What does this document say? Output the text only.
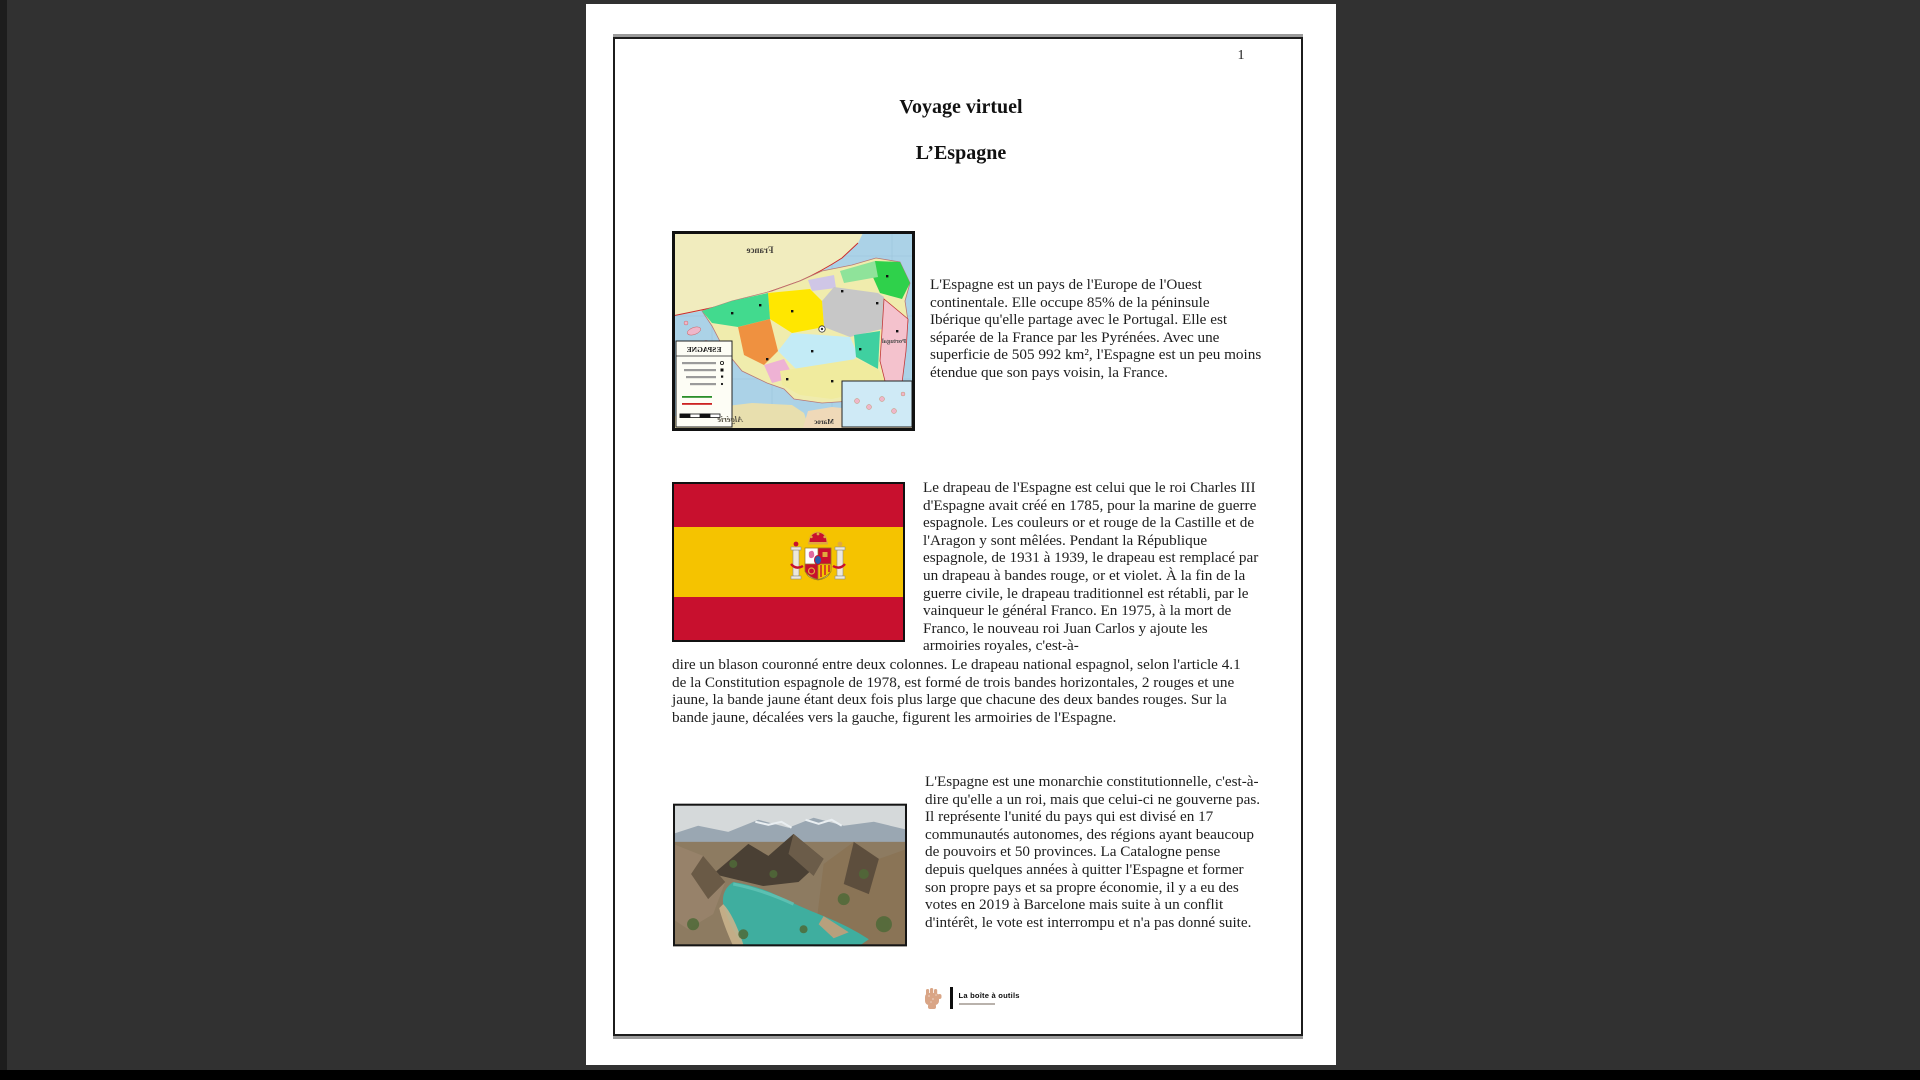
1
Voyage virtuel
L’Espagne
ESPAGNE
France
Portugal
Algérie	Maroc
L'Espagne est un pays de l'Europe de l'Ouest continentale. Elle occupe 85% de la péninsule Ibérique qu'elle partage avec le Portugal. Elle est séparée de la France par les Pyrénées. Avec une superficie de 505 992 km², l'Espagne est un peu moins étendue que son pays voisin, la France.
Le drapeau de l'Espagne est celui que le roi Charles III d'Espagne avait créé en 1785, pour la marine de guerre espagnole. Les couleurs or et rouge de la Castille et de l'Aragon y sont mêlées. Pendant la République espagnole, de 1931 à 1939, le drapeau est remplacé par un drapeau à bandes rouge, or et violet. À la fin de la guerre civile, le drapeau traditionnel est rétabli, par le vainqueur le général Franco. En 1975, à la mort de Franco, le nouveau roi Juan Carlos y ajoute les armoiries royales, c'est-à-
dire un blason couronné entre deux colonnes. Le drapeau national espagnol, selon l'article 4.1 de la Constitution espagnole de 1978, est formé de trois bandes horizontales, 2 rouges et une jaune, la bande jaune étant deux fois plus large que chacune des deux bandes rouges. Sur la bande jaune, décalées vers la gauche, figurent les armoiries de l'Espagne.
L'Espagne est une monarchie constitutionnelle, c'est-à-dire qu'elle a un roi, mais que celui-ci ne gouverne pas. Il représente l'unité du pays qui est divisé en 17 communautés autonomes, des régions ayant beaucoup de pouvoirs et 50 provinces. La Catalogne pense depuis quelques années à quitter l'Espagne et former son propre pays et sa propre économie, il y a eu des votes en 2019 à Barcelone mais suite à un conflit d'intérêt, le vote est interrompu et n'a pas donné suite.
La boîte à outils
